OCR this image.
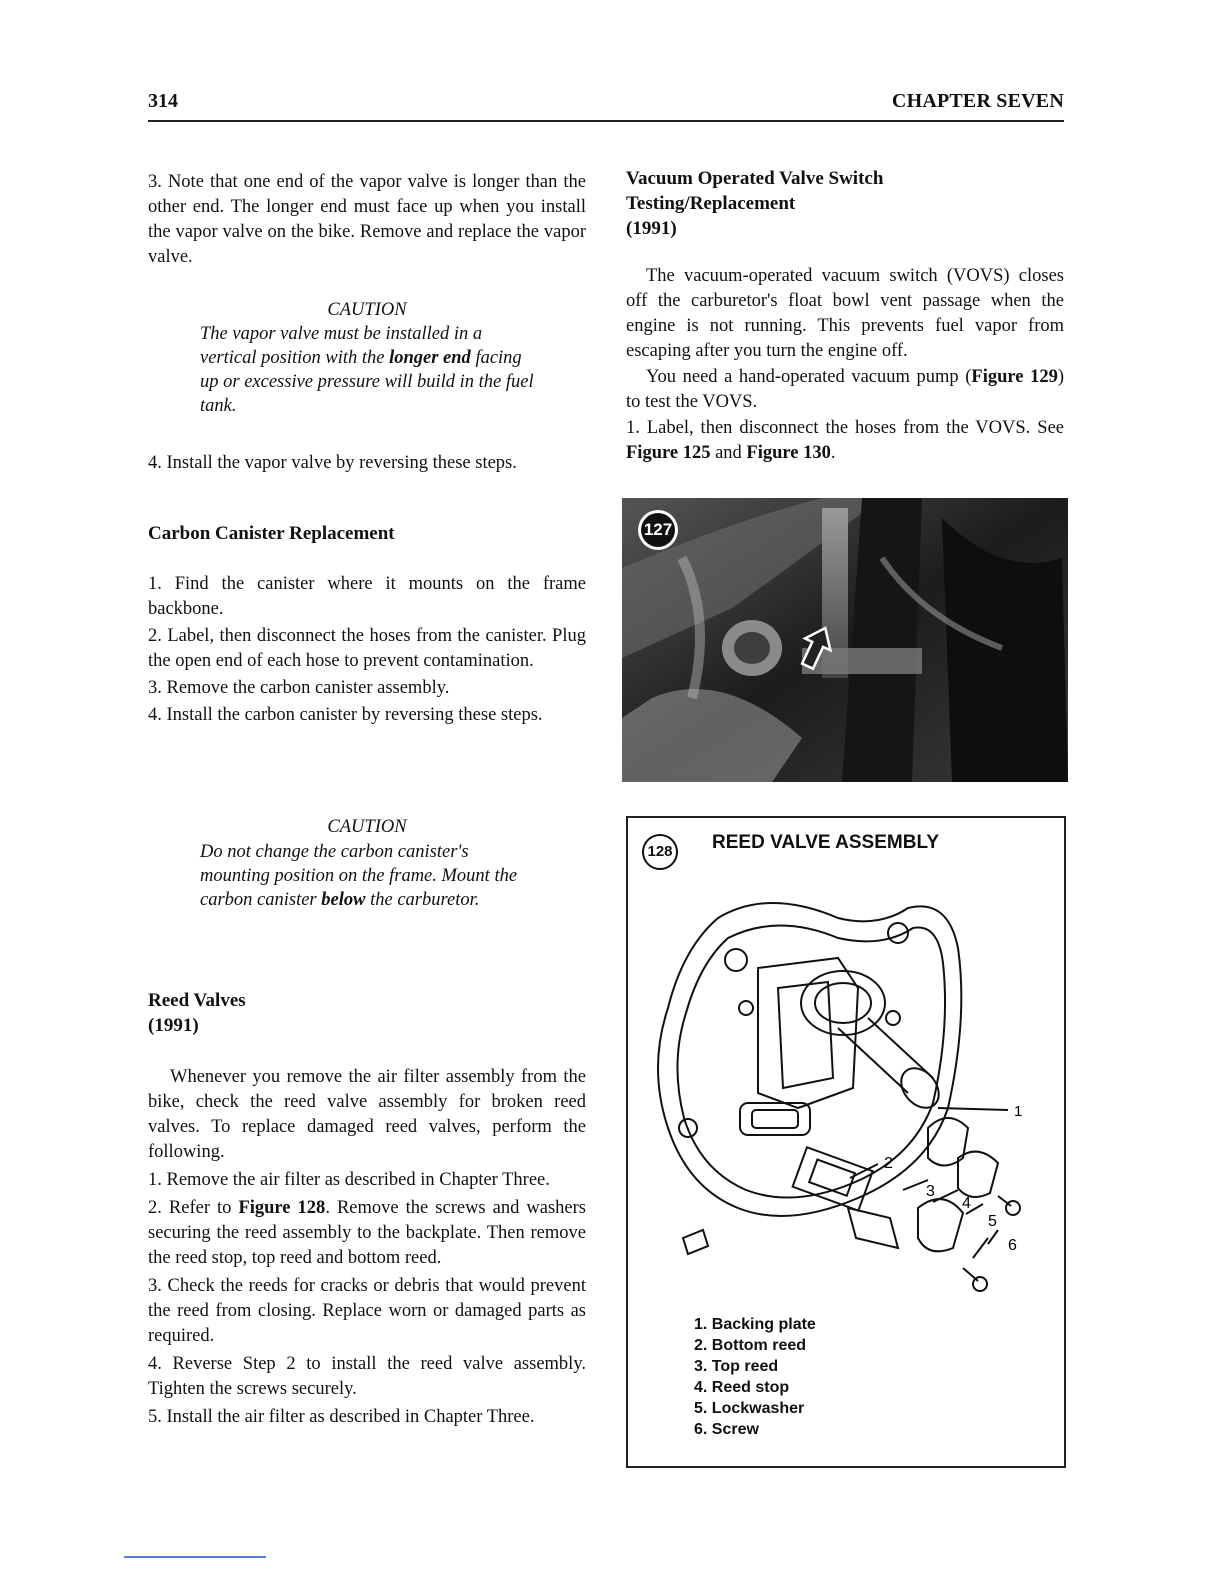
314	CHAPTER SEVEN

3. Note that one end of the vapor valve is longer than the other end. The longer end must face up when you install the vapor valve on the bike. Remove and replace the vapor valve.

CAUTION
The vapor valve must be installed in a vertical position with the longer end facing up or excessive pressure will build in the fuel tank.
4. Install the vapor valve by reversing these steps.
Carbon Canister Replacement

1. Find the canister where it mounts on the frame backbone.

2. Label, then disconnect the hoses from the canister. Plug the open end of each hose to prevent contamination.

3. Remove the carbon canister assembly.

4. Install the carbon canister by reversing these steps.

CAUTION
Do not change the carbon canister's mounting position on the frame. Mount the carbon canister below the carburetor.
Reed Valves
(1991)

Whenever you remove the air filter assembly from the bike, check the reed valve assembly for broken reed valves. To replace damaged reed valves, perform the following.

1. Remove the air filter as described in Chapter Three.

2. Refer to Figure 128. Remove the screws and washers securing the reed assembly to the backplate. Then remove the reed stop, top reed and bottom reed.

3. Check the reeds for cracks or debris that would prevent the reed from closing. Replace worn or damaged parts as required.

4. Reverse Step 2 to install the reed valve assembly. Tighten the screws securely.

5. Install the air filter as described in Chapter Three.

Vacuum Operated Valve Switch
Testing/Replacement
(1991)

The vacuum-operated vacuum switch (VOVS) closes off the carburetor's float bowl vent passage when the engine is not running. This prevents fuel vapor from escaping after you turn the engine off.

You need a hand-operated vacuum pump (Figure 129) to test the VOVS.

1. Label, then disconnect the hoses from the VOVS. See Figure 125 and Figure 130.

127
128 REED VALVE ASSEMBLY
1
2
3
4
5
6
1. Backing plate
2. Bottom reed
3. Top reed
4. Reed stop
5. Lockwasher
6. Screw
